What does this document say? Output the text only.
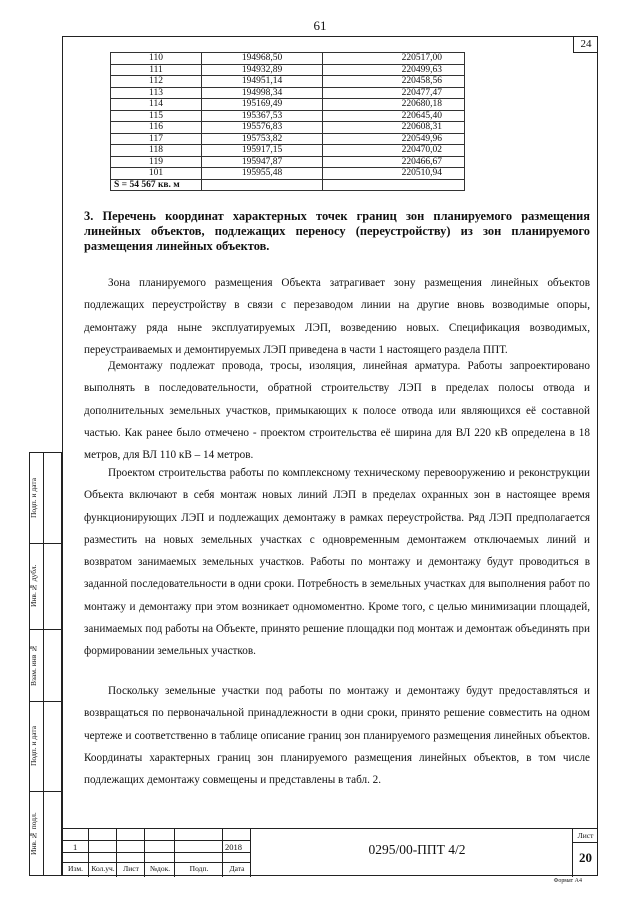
61
24
110	194968,50	220517,00
111	194932,89	220499,63
112	194951,14	220458,56
113	194998,34	220477,47
114	195169,49	220680,18
115	195367,53	220645,40
116	195576,83	220608,31
117	195753,82	220549,96
118	195917,15	220470,02
119	195947,87	220466,67
101	195955,48	220510,94
S = 54 567 кв. м		
3. Перечень координат характерных точек границ зон планируемого размещения линейных объектов, подлежащих переносу (переустройству) из зон планируемого размещения линейных объектов.
Зона планируемого размещения Объекта затрагивает зону размещения линейных объектов подлежащих переустройству в связи с перезаводом линии на другие вновь возводимые опоры, демонтажу ряда ныне эксплуатируемых ЛЭП, возведению новых. Спецификация возводимых, переустраиваемых и демонтируемых ЛЭП приведена в части 1 настоящего раздела ППТ.
Демонтажу подлежат провода, тросы, изоляция, линейная арматура. Работы запроектировано выполнять в последовательности, обратной строительству ЛЭП в пределах полосы отвода и дополнительных земельных участков, примыкающих к полосе отвода или являющихся её составной частью. Как ранее было отмечено - проектом строительства её ширина для ВЛ 220 кВ определена в 18 метров, для ВЛ 110 кВ – 14 метров.
Проектом строительства работы по комплексному техническому перевооружению и реконструкции Объекта включают в себя монтаж новых линий ЛЭП в пределах охранных зон в настоящее время функционирующих ЛЭП и подлежащих демонтажу в рамках переустройства. Ряд ЛЭП предполагается разместить на новых земельных участках с одновременным демонтажем отключаемых линий и возвратом занимаемых земельных участков. Работы по монтажу и демонтажу будут проводиться в заданной последовательности в одни сроки. Потребность в земельных участках для выполнения работ по монтажу и демонтажу при этом возникает одномоментно. Кроме того, с целью минимизации площадей, занимаемых под работы на Объекте, принято решение площадки под монтаж и демонтаж объединять при формировании земельных участков.
Поскольку земельные участки под работы по монтажу и демонтажу будут предоставляться и возвращаться по первоначальной принадлежности в одни сроки, принято решение совместить на одном чертеже и соответственно в таблице описание границ зон планируемого размещения линейных объектов. Координаты характерных границ зон планируемого размещения линейных объектов, в том числе подлежащих демонтажу совмещены и представлены в табл. 2.
Подп. и дата
Инв.№ дубл.
Взам. инв №
Подп. и дата
Инв.№ подл.	1	2018
Изм.	Кол.уч.	Лист	№док.	Подп.	Дата
0295/00-ППТ 4/2
Лист
20
Формат А4
